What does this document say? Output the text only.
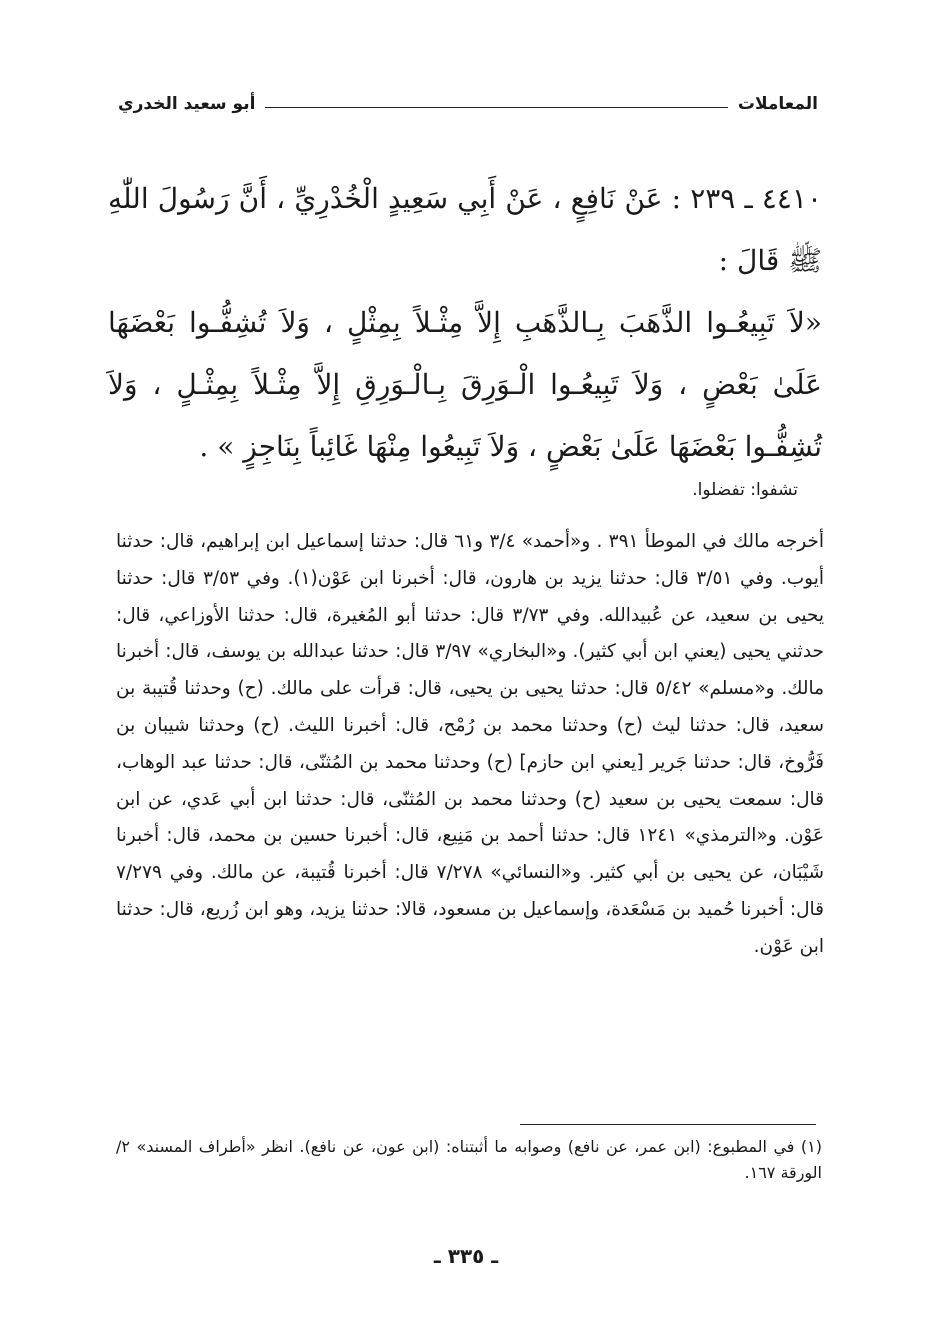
المعاملات
أبو سعيد الخدري

٤٤١٠ ـ ٢٣٩ : عَنْ نَافِعٍ ، عَنْ أَبِي سَعِيدٍ الْخُدْرِيِّ ، أَنَّ رَسُولَ اللّٰهِ ﷺ قَالَ :

«لاَ تَبِيعُـوا الذَّهَبَ بِـالذَّهَبِ إِلاَّ مِثْـلاً بِمِثْلٍ ، وَلاَ تُشِفُّـوا بَعْضَهَا عَلَىٰ بَعْضٍ ، وَلاَ تَبِيعُـوا الْـوَرِقَ بِـالْـوَرِقِ إِلاَّ مِثْـلاً بِمِثْـلٍ ، وَلاَ تُشِفُّـوا بَعْضَهَا عَلَىٰ بَعْضٍ ، وَلاَ تَبِيعُوا مِنْهَا غَائِباً بِنَاجِزٍ » .

تشفوا: تفضلوا.

أخرجه مالك في الموطأ ٣٩١ . و«أحمد» ٣/٤ و٦١ قال: حدثنا إسماعيل ابن إبراهيم، قال: حدثنا أيوب. وفي ٣/٥١ قال: حدثنا يزيد بن هارون، قال: أخبرنا ابن عَوْن(١). وفي ٣/٥٣ قال: حدثنا يحيى بن سعيد، عن عُبيدالله. وفي ٣/٧٣ قال: حدثنا أبو المُغيرة، قال: حدثنا الأوزاعي، قال: حدثني يحيى (يعني ابن أبي كثير). و«البخاري» ٣/٩٧ قال: حدثنا عبدالله بن يوسف، قال: أخبرنا مالك. و«مسلم» ٥/٤٢ قال: حدثنا يحيى بن يحيى، قال: قرأت على مالك. (ح) وحدثنا قُتيبة بن سعيد، قال: حدثنا ليث (ح) وحدثنا محمد بن رُمْح، قال: أخبرنا الليث. (ح) وحدثنا شيبان بن فَرُّوخ، قال: حدثنا جَرير [يعني ابن حازم] (ح) وحدثنا محمد بن المُثنّى، قال: حدثنا عبد الوهاب، قال: سمعت يحيى بن سعيد (ح) وحدثنا محمد بن المُثنّى، قال: حدثنا ابن أبي عَدي، عن ابن عَوْن. و«الترمذي» ١٢٤١ قال: حدثنا أحمد بن مَنِيع، قال: أخبرنا حسين بن محمد، قال: أخبرنا شَيْبَان، عن يحيى بن أبي كثير. و«النسائي» ٧/٢٧٨ قال: أخبرنا قُتيبة، عن مالك. وفي ٧/٢٧٩ قال: أخبرنا حُميد بن مَسْعَدة، وإسماعيل بن مسعود، قالا: حدثنا يزيد، وهو ابن زُريع، قال: حدثنا ابن عَوْن.

(١) في المطبوع: (ابن عمر، عن نافع) وصوابه ما أثبتناه: (ابن عون، عن نافع). انظر «أطراف المسند» ٢/الورقة ١٦٧.

ـ ٣٣٥ ـ
